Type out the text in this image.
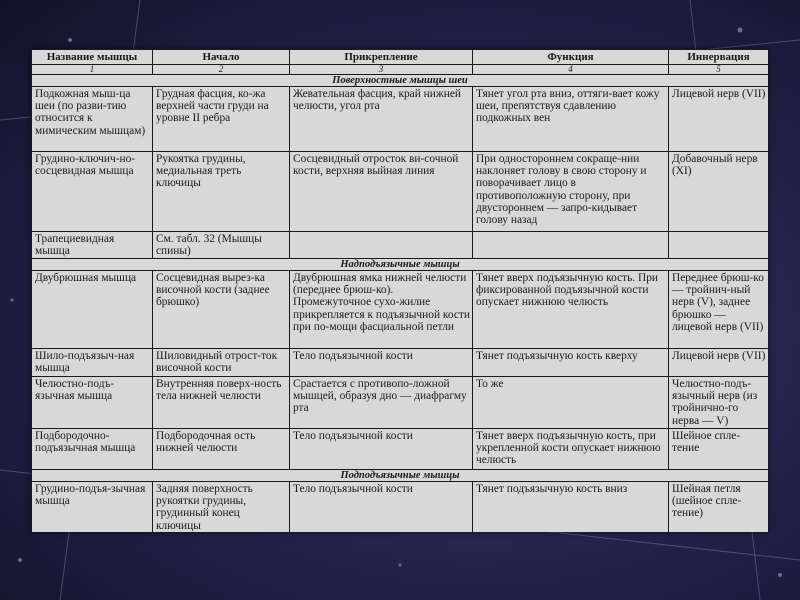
Название мышцы	Начало	Прикрепление	Функция	Иннервация
1	2	3	4	5
Поверхностные мышцы шеи				
Подкожная мыш-ца шеи (по разви-тию относится к мимическим мышцам)	Грудная фасция, ко-жа верхней части груди на уровне II ребра	Жевательная фасция, край нижней челюсти, угол рта	Тянет угол рта вниз, оттяги-вает кожу шеи, препятствуя сдавлению подкожных вен	Лицевой нерв (VII)
Грудино-ключич-но-сосцевидная мышца	Рукоятка грудины, медиальная треть ключицы	Сосцевидный отросток ви-сочной кости, верхняя выйная линия	При одностороннем сокраще-нии наклоняет голову в свою сторону и поворачивает лицо в противоположную сторону, при двустороннем — запро-кидывает голову назад	Добавочный нерв (XI)
Трапециевидная мышца	См. табл. 32 (Мышцы спины)			
Надподъязычные мышцы				
Двубрюшная мышца	Сосцевидная вырез-ка височной кости (заднее брюшко)	Двубрюшная ямка нижней челюсти (переднее брюш-ко). Промежуточное сухо-жилие прикрепляется к подъязычной кости при по-мощи фасциальной петли	Тянет вверх подъязычную кость. При фиксированной подъязычной кости опускает нижнюю челюсть	Переднее брюш-ко — тройнич-ный нерв (V), заднее брюшко — лицевой нерв (VII)
Шило-подъязыч-ная мышца	Шиловидный отрост-ток височной кости	Тело подъязычной кости	Тянет подъязычную кость кверху	Лицевой нерв (VII)
Челюстно-подъ-язычная мышца	Внутренняя поверх-ность тела нижней челюсти	Срастается с противопо-ложной мышцей, образуя дно — диафрагму рта	То же	Челюстно-подъ-язычный нерв (из тройнично-го нерва — V)
Подбородочно-подъязычная мышца	Подбородочная ость нижней челюсти	Тело подъязычной кости	Тянет вверх подъязычную кость, при укрепленной кости опускает нижнюю челюсть	Шейное спле-тение
Подподъязычные мышцы				
Грудино-подъя-зычная мышца	Задняя поверхность рукоятки грудины, грудинный конец ключицы	Тело подъязычной кости	Тянет подъязычную кость вниз	Шейная петля (шейное спле-тение)
